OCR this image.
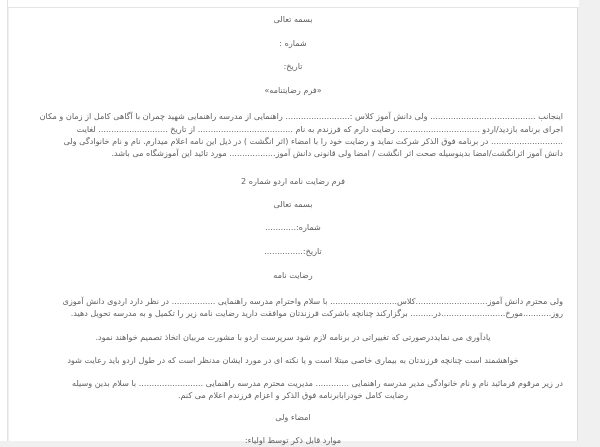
بسمه تعالی
شماره :
تاریخ:
«فرم رضایتنامه»
اینجانب ......................................... ولی دانش آموز کلاس :......................... راهنمایی از مدرسه راهنمایی شهید چمران با آگاهی کامل از زمان و مکان
اجرای برنامه بازدید/اردو ................................ رضایت دارم که فرزندم به نام ..................................... از تاریخ ........................... لغایت
............................ در برنامه فوق الذکر شرکت نماید و رضایت خود را با امضاء (اثر انگشت ) در ذیل این نامه اعلام میدارم. نام و نام خانوادگی ولی
دانش آموز اثرانگشت/امضا بدینوسیله صحت اثر انگشت / امضا ولی قانونی دانش آموز.................. مورد تائید این آموزشگاه می باشد.
فرم رضایت نامه اردو شماره 2
بسمه تعالی
شماره:............
تاریخ:...............
رضایت نامه
ولی محترم دانش آموز............................كلاس.......................... با سلام واحترام مدرسه راهنمایی ................. در نظر دارد اردوی دانش آموزی
روز...........مورخ.........................در......... برگزارکند چنانچه باشرکت فرزندتان موافقت دارید رضایت نامه زیر را تکمیل و به مدرسه تحویل دهید.
یادآوری می نمایددرصورتی که تغییراتی در برنامه لازم شود سرپرست اردو با مشورت مربیان اتخاذ تصمیم خواهند نمود.
خواهشمند است چنانچه فرزندتان به بیماری خاصی مبتلا است و یا نکته ای در مورد ایشان مدنظر است که در طول اردو باید رعایت شود
در زیر مرقوم فرمائید نام و نام خانوادگی مدیر مدرسه راهنمایی ............. مدیریت محترم مدرسه راهنمایی ......................... با سلام بدین وسیله
رضایت کامل خودرابابرنامه فوق الذکر و اعزام فرزندم اعلام می کنم.
امضاء ولی
موارد قابل ذکر توسط اولیاء:
